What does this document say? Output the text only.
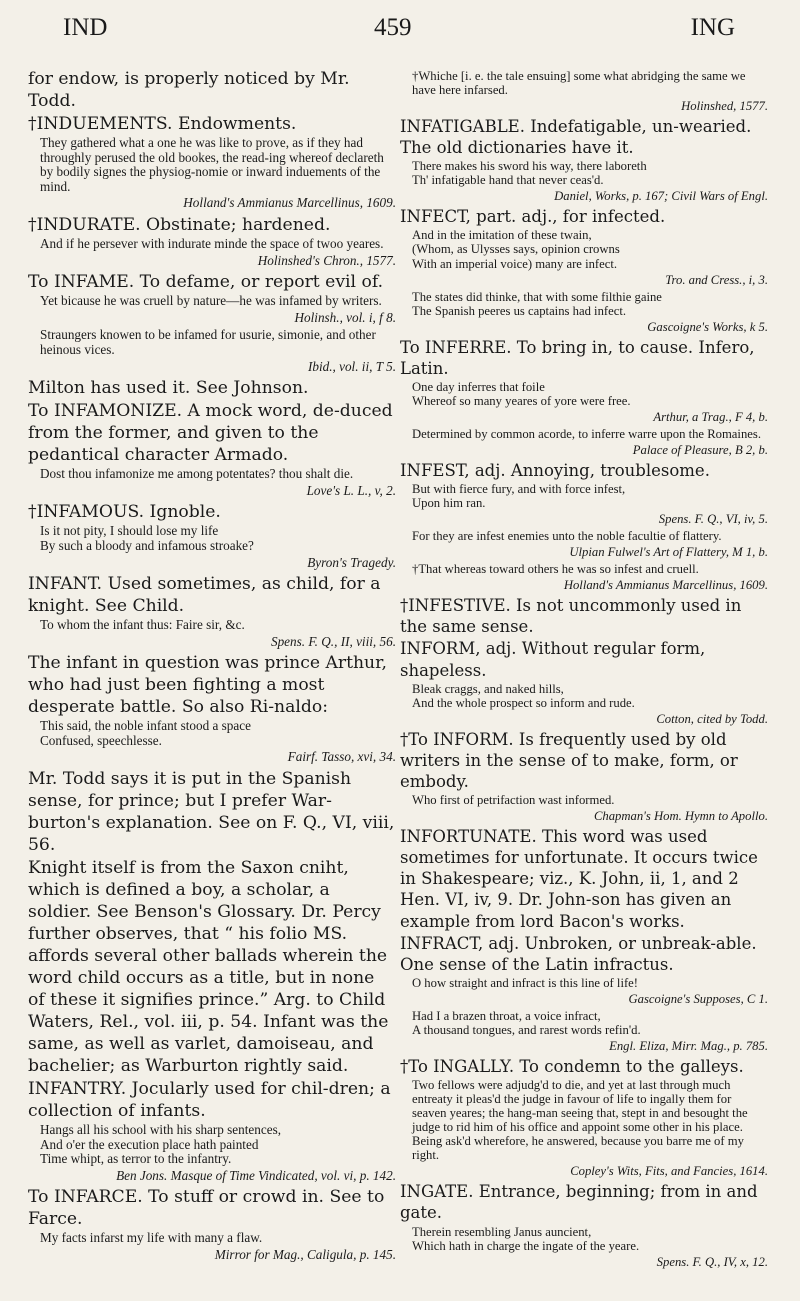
IND	459	ING

for endow, is properly noticed by Mr. Todd.

†INDUEMENTS. Endowments.

They gathered what a one he was like to prove, as if they had throughly perused the old bookes, the read-ing whereof declareth by bodily signes the physiog-nomie or inward induements of the mind.
Holland's Ammianus Marcellinus, 1609.

†INDURATE. Obstinate; hardened.

And if he persever with indurate minde the space of twoo yeares.
Holinshed's Chron., 1577.

To INFAME. To defame, or report evil of.

Yet bicause he was cruell by nature—he was infamed by writers.
Holinsh., vol. i, f 8.
Straungers knowen to be infamed for usurie, simonie, and other heinous vices.
Ibid., vol. ii, T 5.

Milton has used it. See Johnson.

To INFAMONIZE. A mock word, de-duced from the former, and given to the pedantical character Armado.

Dost thou infamonize me among potentates? thou shalt die.
Love's L. L., v, 2.

†INFAMOUS. Ignoble.

Is it not pity, I should lose my life
By such a bloody and infamous stroake?
Byron's Tragedy.

INFANT. Used sometimes, as child, for a knight. See Child.

To whom the infant thus: Faire sir, &c.
Spens. F. Q., II, viii, 56.

The infant in question was prince Arthur, who had just been fighting a most desperate battle. So also Ri-naldo:

This said, the noble infant stood a space
Confused, speechlesse.
Fairf. Tasso, xvi, 34.

Mr. Todd says it is put in the Spanish sense, for prince; but I prefer War-burton's explanation. See on F. Q., VI, viii, 56.

Knight itself is from the Saxon cniht, which is defined a boy, a scholar, a soldier. See Benson's Glossary. Dr. Percy further observes, that “ his folio MS. affords several other ballads wherein the word child occurs as a title, but in none of these it signifies prince.” Arg. to Child Waters, Rel., vol. iii, p. 54. Infant was the same, as well as varlet, damoiseau, and bachelier; as Warburton rightly said.

INFANTRY. Jocularly used for chil-dren; a collection of infants.

Hangs all his school with his sharp sentences,
And o'er the execution place hath painted
Time whipt, as terror to the infantry.
Ben Jons. Masque of Time Vindicated, vol. vi, p. 142.

To INFARCE. To stuff or crowd in. See to Farce.

My facts infarst my life with many a flaw.
Mirror for Mag., Caligula, p. 145.
†Whiche [i. e. the tale ensuing] some what abridging the same we have here infarsed.
Holinshed, 1577.

INFATIGABLE. Indefatigable, un-wearied. The old dictionaries have it.

There makes his sword his way, there laboreth
Th' infatigable hand that never ceas'd.
Daniel, Works, p. 167; Civil Wars of Engl.

INFECT, part. adj., for infected.

And in the imitation of these twain,
(Whom, as Ulysses says, opinion crowns
With an imperial voice) many are infect.
Tro. and Cress., i, 3.
The states did thinke, that with some filthie gaine
The Spanish peeres us captains had infect.
Gascoigne's Works, k 5.

To INFERRE. To bring in, to cause. Infero, Latin.

One day inferres that foile
Whereof so many yeares of yore were free.
Arthur, a Trag., F 4, b.
Determined by common acorde, to inferre warre upon the Romaines.
Palace of Pleasure, B 2, b.

INFEST, adj. Annoying, troublesome.

But with fierce fury, and with force infest,
Upon him ran.
Spens. F. Q., VI, iv, 5.
For they are infest enemies unto the noble facultie of flattery.
Ulpian Fulwel's Art of Flattery, M 1, b.
†That whereas toward others he was so infest and cruell.
Holland's Ammianus Marcellinus, 1609.

†INFESTIVE. Is not uncommonly used in the same sense.

INFORM, adj. Without regular form, shapeless.

Bleak craggs, and naked hills,
And the whole prospect so inform and rude.
Cotton, cited by Todd.

†To INFORM. Is frequently used by old writers in the sense of to make, form, or embody.

Who first of petrifaction wast informed.
Chapman's Hom. Hymn to Apollo.

INFORTUNATE. This word was used sometimes for unfortunate. It occurs twice in Shakespeare; viz., K. John, ii, 1, and 2 Hen. VI, iv, 9. Dr. John-son has given an example from lord Bacon's works.

INFRACT, adj. Unbroken, or unbreak-able. One sense of the Latin infractus.

O how straight and infract is this line of life!
Gascoigne's Supposes, C 1.
Had I a brazen throat, a voice infract,
A thousand tongues, and rarest words refin'd.
Engl. Eliza, Mirr. Mag., p. 785.

†To INGALLY. To condemn to the galleys.

Two fellows were adjudg'd to die, and yet at last through much entreaty it pleas'd the judge in favour of life to ingally them for seaven yeares; the hang-man seeing that, stept in and besought the judge to rid him of his office and appoint some other in his place. Being ask'd wherefore, he answered, because you barre me of my right.
Copley's Wits, Fits, and Fancies, 1614.

INGATE. Entrance, beginning; from in and gate.

Therein resembling Janus auncient,
Which hath in charge the ingate of the yeare.
Spens. F. Q., IV, x, 12.
